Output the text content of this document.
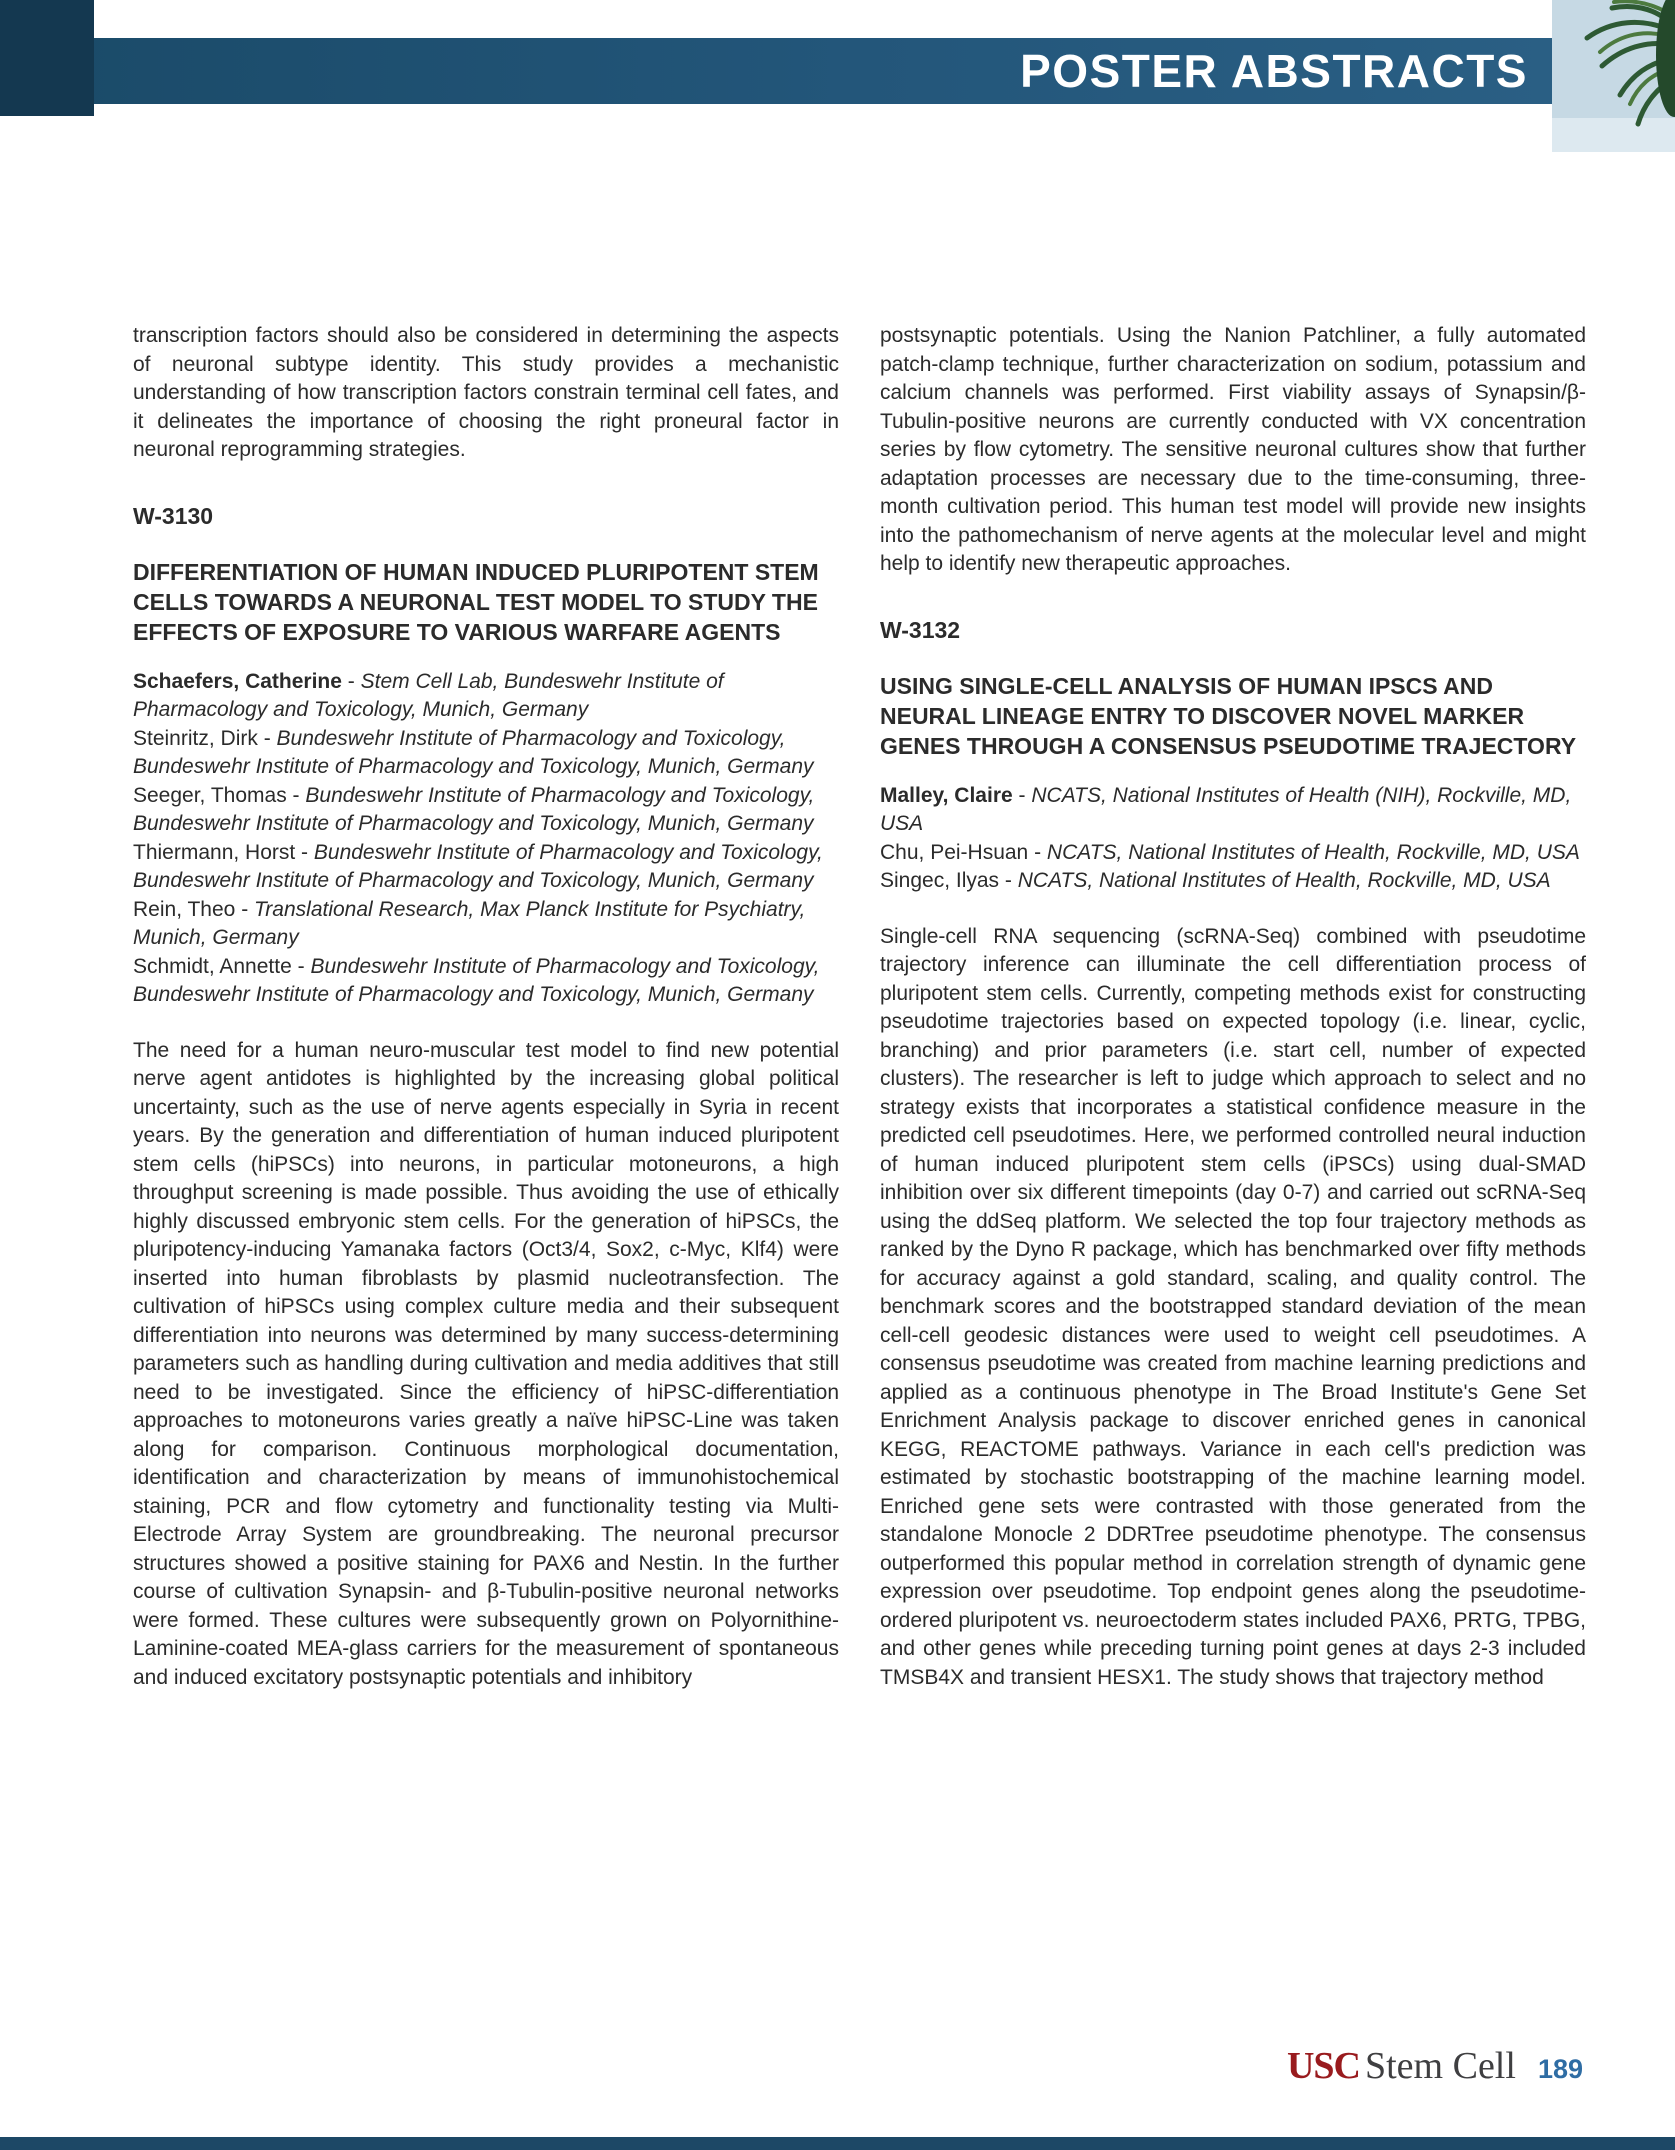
POSTER ABSTRACTS

transcription factors should also be considered in determining the aspects of neuronal subtype identity. This study provides a mechanistic understanding of how transcription factors constrain terminal cell fates, and it delineates the importance of choosing the right proneural factor in neuronal reprogramming strategies.

W-3130
DIFFERENTIATION OF HUMAN INDUCED PLURIPOTENT STEM CELLS TOWARDS A NEURONAL TEST MODEL TO STUDY THE EFFECTS OF EXPOSURE TO VARIOUS WARFARE AGENTS

Schaefers, Catherine - Stem Cell Lab, Bundeswehr Institute of Pharmacology and Toxicology, Munich, Germany

Steinritz, Dirk - Bundeswehr Institute of Pharmacology and Toxicology, Bundeswehr Institute of Pharmacology and Toxicology, Munich, Germany

Seeger, Thomas - Bundeswehr Institute of Pharmacology and Toxicology, Bundeswehr Institute of Pharmacology and Toxicology, Munich, Germany

Thiermann, Horst - Bundeswehr Institute of Pharmacology and Toxicology, Bundeswehr Institute of Pharmacology and Toxicology, Munich, Germany

Rein, Theo - Translational Research, Max Planck Institute for Psychiatry, Munich, Germany

Schmidt, Annette - Bundeswehr Institute of Pharmacology and Toxicology, Bundeswehr Institute of Pharmacology and Toxicology, Munich, Germany

The need for a human neuro-muscular test model to find new potential nerve agent antidotes is highlighted by the increasing global political uncertainty, such as the use of nerve agents especially in Syria in recent years. By the generation and differentiation of human induced pluripotent stem cells (hiPSCs) into neurons, in particular motoneurons, a high throughput screening is made possible. Thus avoiding the use of ethically highly discussed embryonic stem cells. For the generation of hiPSCs, the pluripotency-inducing Yamanaka factors (Oct3/4, Sox2, c-Myc, Klf4) were inserted into human fibroblasts by plasmid nucleotransfection. The cultivation of hiPSCs using complex culture media and their subsequent differentiation into neurons was determined by many success-determining parameters such as handling during cultivation and media additives that still need to be investigated. Since the efficiency of hiPSC-differentiation approaches to motoneurons varies greatly a naïve hiPSC-Line was taken along for comparison. Continuous morphological documentation, identification and characterization by means of immunohistochemical staining, PCR and flow cytometry and functionality testing via Multi-Electrode Array System are groundbreaking. The neuronal precursor structures showed a positive staining for PAX6 and Nestin. In the further course of cultivation Synapsin- and β-Tubulin-positive neuronal networks were formed. These cultures were subsequently grown on Polyornithine-Laminine-coated MEA-glass carriers for the measurement of spontaneous and induced excitatory postsynaptic potentials and inhibitory

postsynaptic potentials. Using the Nanion Patchliner, a fully automated patch-clamp technique, further characterization on sodium, potassium and calcium channels was performed. First viability assays of Synapsin/β-Tubulin-positive neurons are currently conducted with VX concentration series by flow cytometry. The sensitive neuronal cultures show that further adaptation processes are necessary due to the time-consuming, three-month cultivation period. This human test model will provide new insights into the pathomechanism of nerve agents at the molecular level and might help to identify new therapeutic approaches.

W-3132
USING SINGLE-CELL ANALYSIS OF HUMAN IPSCS AND NEURAL LINEAGE ENTRY TO DISCOVER NOVEL MARKER GENES THROUGH A CONSENSUS PSEUDOTIME TRAJECTORY

Malley, Claire - NCATS, National Institutes of Health (NIH), Rockville, MD, USA

Chu, Pei-Hsuan - NCATS, National Institutes of Health, Rockville, MD, USA

Singec, Ilyas - NCATS, National Institutes of Health, Rockville, MD, USA

Single-cell RNA sequencing (scRNA-Seq) combined with pseudotime trajectory inference can illuminate the cell differentiation process of pluripotent stem cells. Currently, competing methods exist for constructing pseudotime trajectories based on expected topology (i.e. linear, cyclic, branching) and prior parameters (i.e. start cell, number of expected clusters). The researcher is left to judge which approach to select and no strategy exists that incorporates a statistical confidence measure in the predicted cell pseudotimes. Here, we performed controlled neural induction of human induced pluripotent stem cells (iPSCs) using dual-SMAD inhibition over six different timepoints (day 0-7) and carried out scRNA-Seq using the ddSeq platform. We selected the top four trajectory methods as ranked by the Dyno R package, which has benchmarked over fifty methods for accuracy against a gold standard, scaling, and quality control. The benchmark scores and the bootstrapped standard deviation of the mean cell-cell geodesic distances were used to weight cell pseudotimes. A consensus pseudotime was created from machine learning predictions and applied as a continuous phenotype in The Broad Institute's Gene Set Enrichment Analysis package to discover enriched genes in canonical KEGG, REACTOME pathways. Variance in each cell's prediction was estimated by stochastic bootstrapping of the machine learning model. Enriched gene sets were contrasted with those generated from the standalone Monocle 2 DDRTree pseudotime phenotype. The consensus outperformed this popular method in correlation strength of dynamic gene expression over pseudotime. Top endpoint genes along the pseudotime-ordered pluripotent vs. neuroectoderm states included PAX6, PRTG, TPBG, and other genes while preceding turning point genes at days 2-3 included TMSB4X and transient HESX1. The study shows that trajectory method

USC Stem Cell 189
